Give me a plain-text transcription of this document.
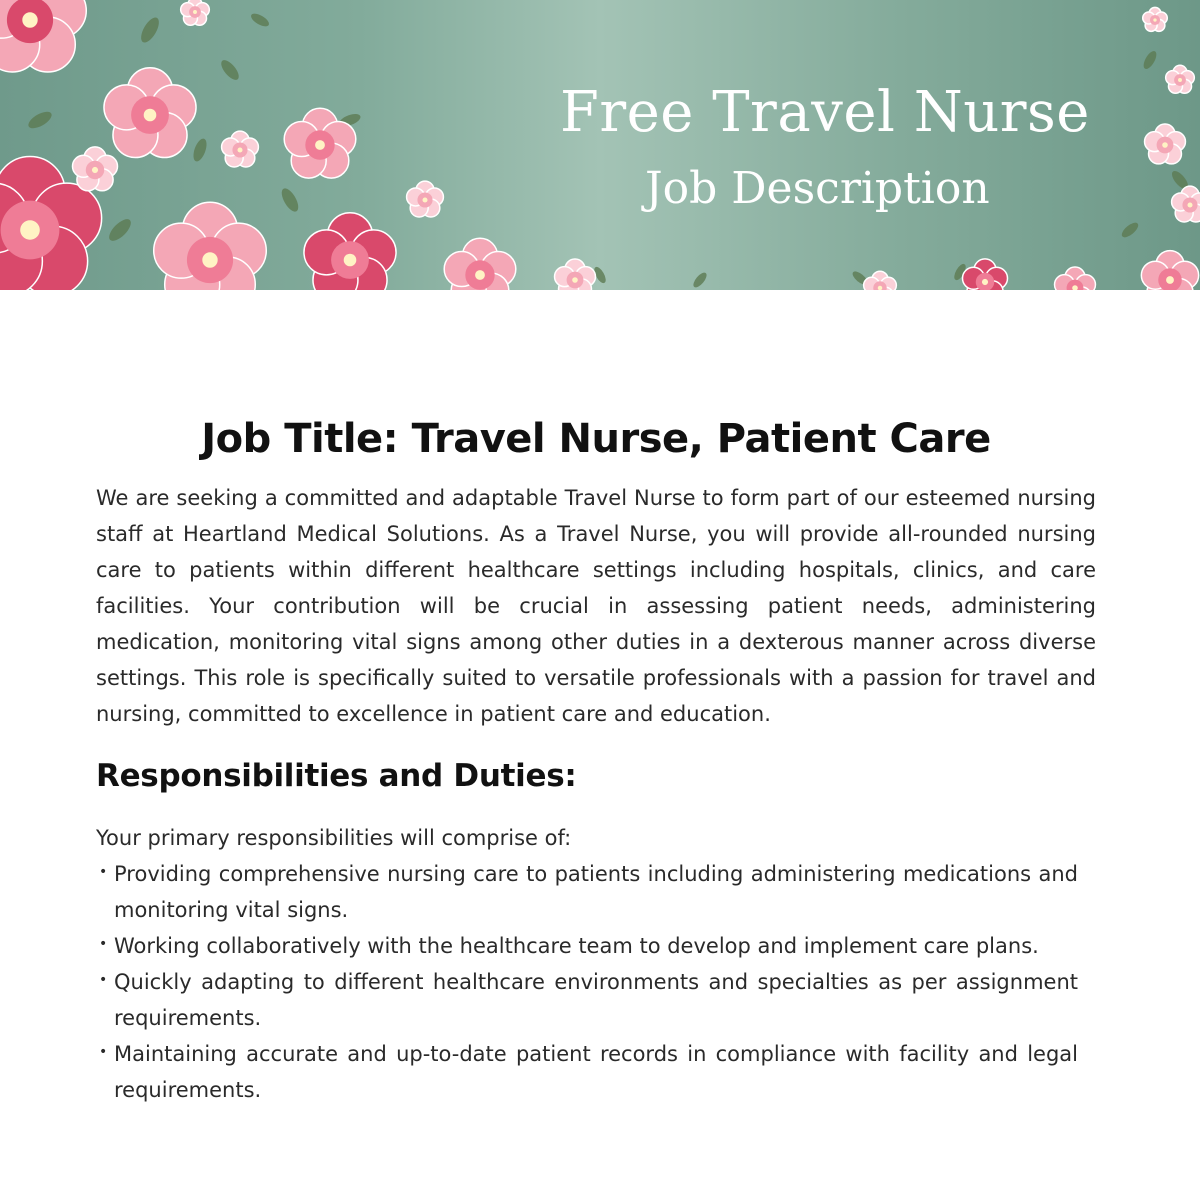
Free Travel Nurse
Job Description
Job Title: Travel Nurse, Patient Care

We are seeking a committed and adaptable Travel Nurse to form part of our esteemed nursing staff at Heartland Medical Solutions. As a Travel Nurse, you will provide all-rounded nursing care to patients within different healthcare settings including hospitals, clinics, and care facilities. Your contribution will be crucial in assessing patient needs, administering medication, monitoring vital signs among other duties in a dexterous manner across diverse settings. This role is specifically suited to versatile professionals with a passion for travel and nursing, committed to excellence in patient care and education.

Responsibilities and Duties:

Your primary responsibilities will comprise of:

• Providing comprehensive nursing care to patients including administering medications and monitoring vital signs.
• Working collaboratively with the healthcare team to develop and implement care plans.
• Quickly adapting to different healthcare environments and specialties as per assignment requirements.
• Maintaining accurate and up-to-date patient records in compliance with facility and legal requirements.
